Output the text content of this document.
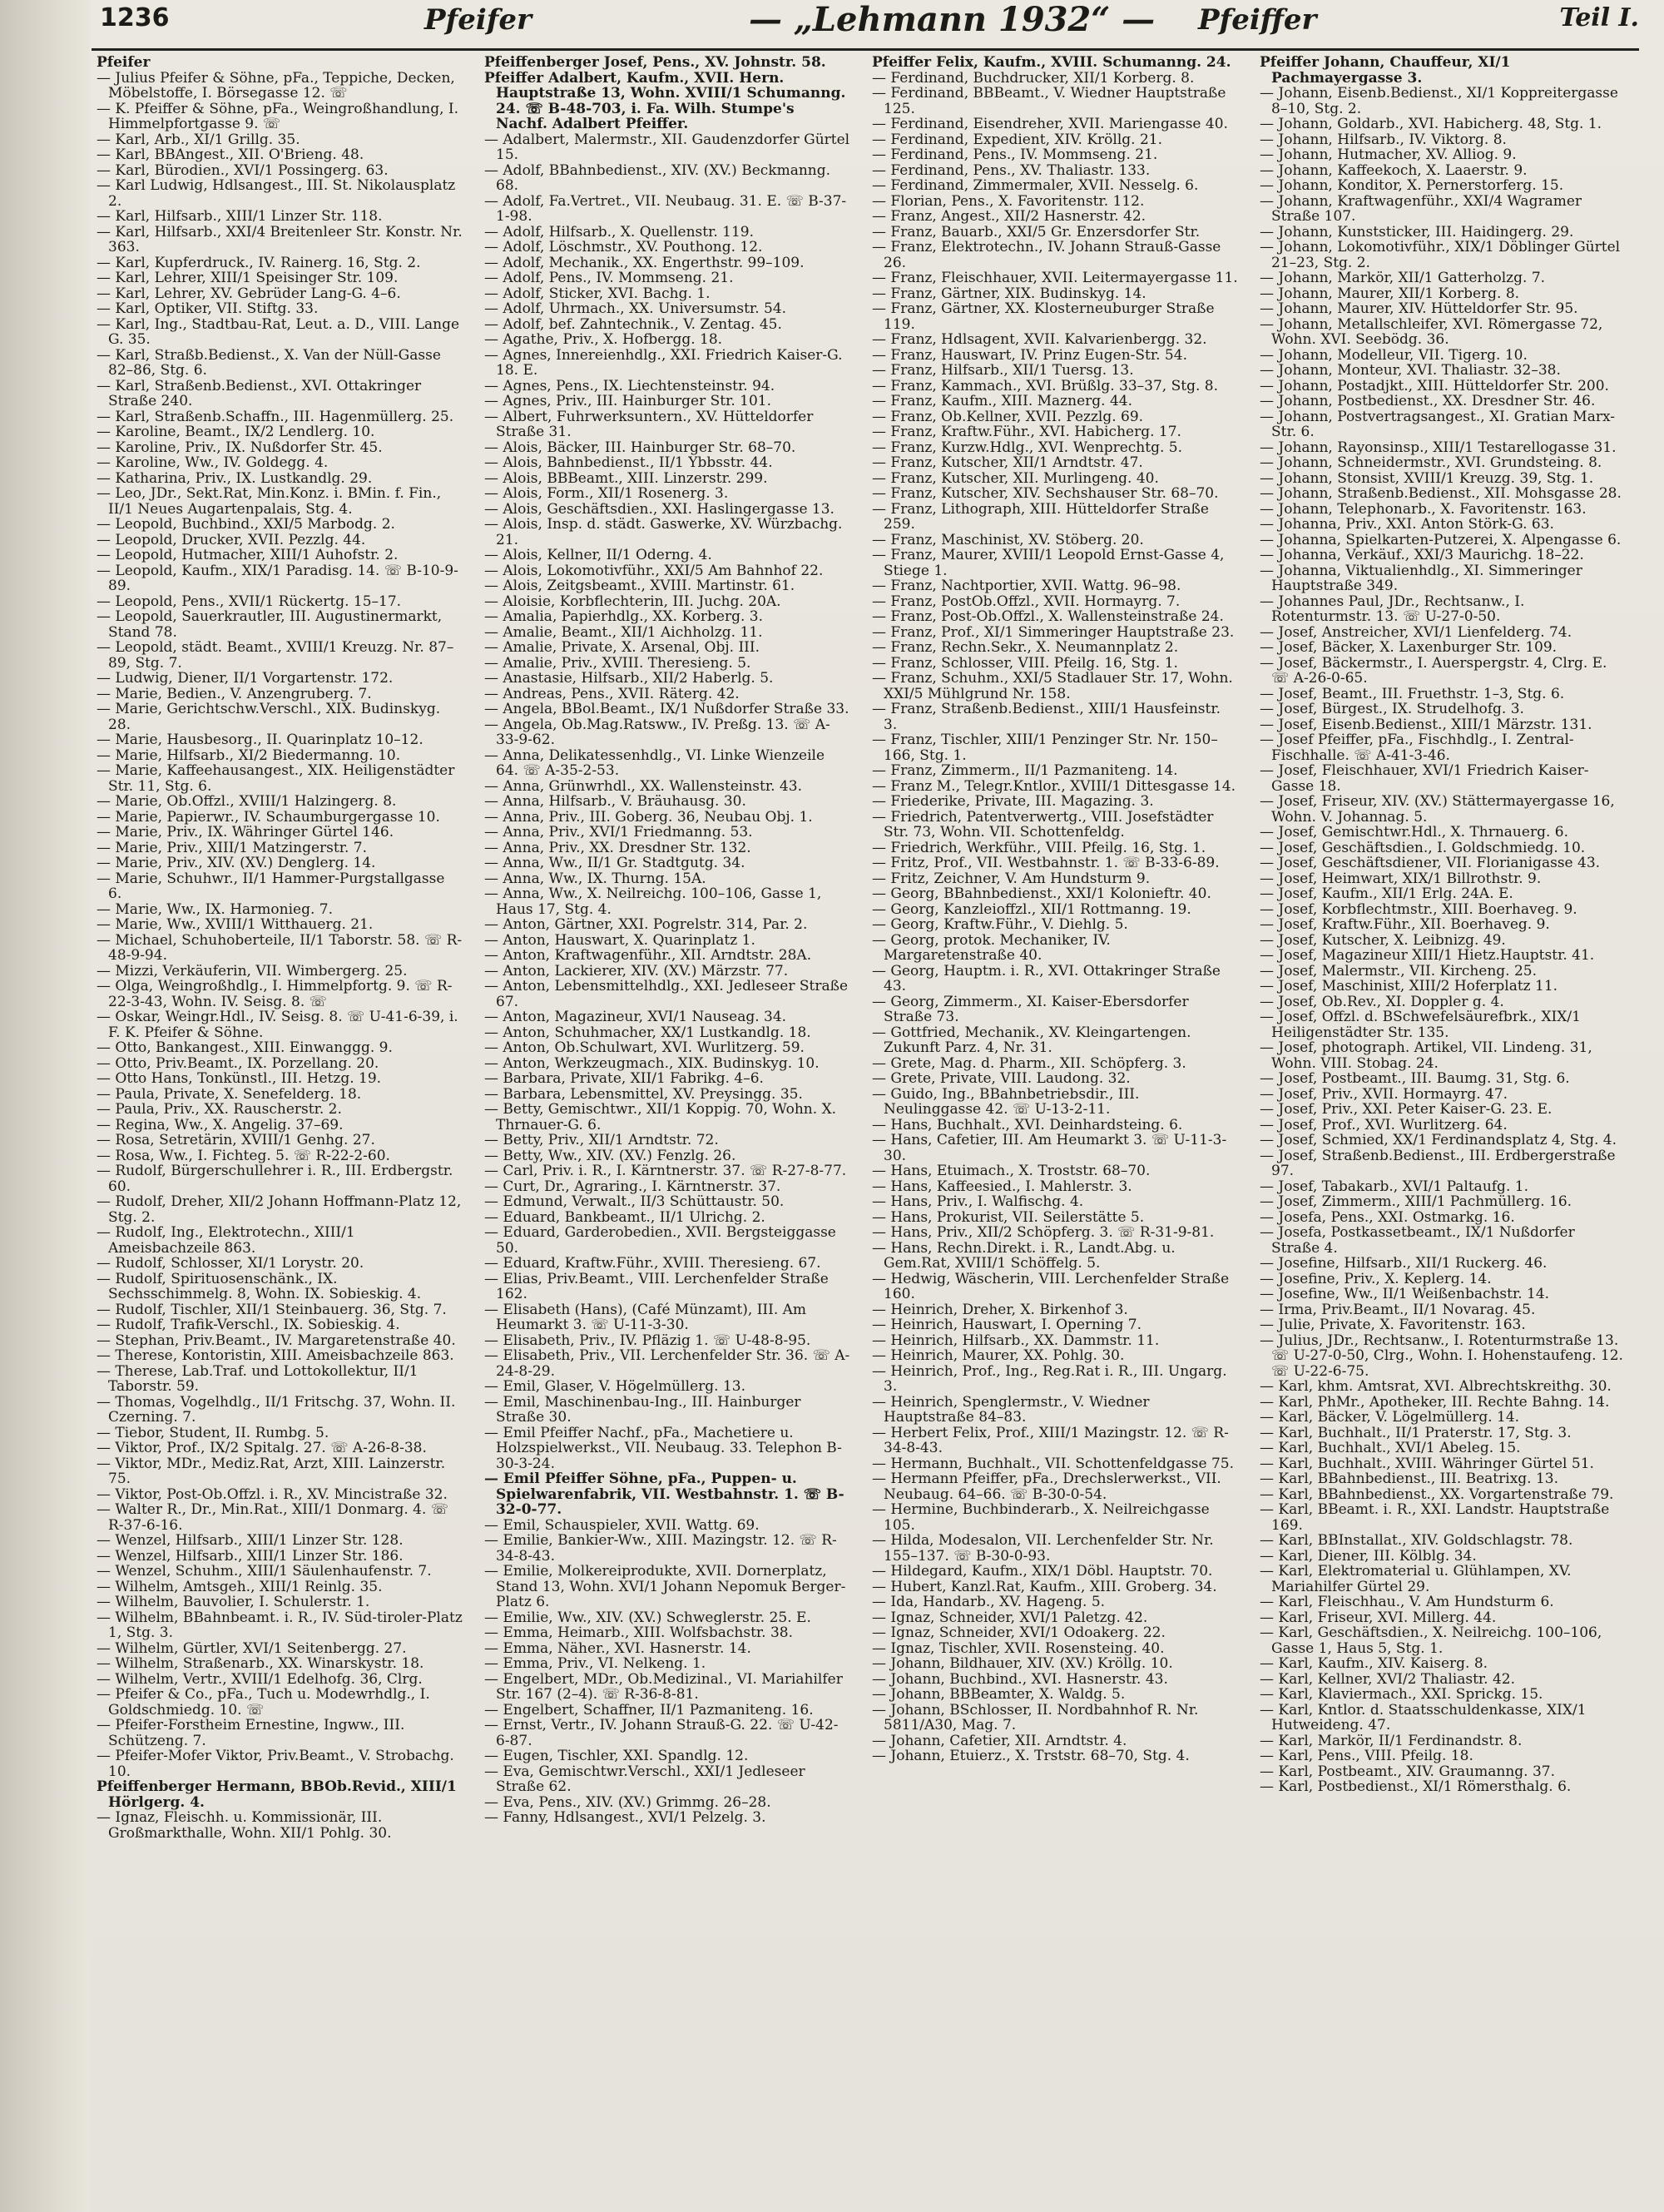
1236	Pfeifer	— „Lehmann 1932“ — Pfeiffer	Teil I.

Pfeifer

— Julius Pfeifer & Söhne, pFa., Teppiche, Decken, Möbelstoffe, I. Börsegasse 12. ☏

— K. Pfeiffer & Söhne, pFa., Weingroßhandlung, I. Himmelpfortgasse 9. ☏

— Karl, Arb., XI/1 Grillg. 35.

— Karl, BBAngest., XII. O'Brieng. 48.

— Karl, Bürodien., XVI/1 Possingerg. 63.

— Karl Ludwig, Hdlsangest., III. St. Nikolausplatz 2.

— Karl, Hilfsarb., XIII/1 Linzer Str. 118.

— Karl, Hilfsarb., XXI/4 Breitenleer Str. Konstr. Nr. 363.

— Karl, Kupferdruck., IV. Rainerg. 16, Stg. 2.

— Karl, Lehrer, XIII/1 Speisinger Str. 109.

— Karl, Lehrer, XV. Gebrüder Lang-G. 4–6.

— Karl, Optiker, VII. Stiftg. 33.

— Karl, Ing., Stadtbau-Rat, Leut. a. D., VIII. Lange G. 35.

— Karl, Straßb.Bedienst., X. Van der Nüll-Gasse 82–86, Stg. 6.

— Karl, Straßenb.Bedienst., XVI. Ottakringer Straße 240.

— Karl, Straßenb.Schaffn., III. Hagenmüllerg. 25.

— Karoline, Beamt., IX/2 Lendlerg. 10.

— Karoline, Priv., IX. Nußdorfer Str. 45.

— Karoline, Ww., IV. Goldegg. 4.

— Katharina, Priv., IX. Lustkandlg. 29.

— Leo, JDr., Sekt.Rat, Min.Konz. i. BMin. f. Fin., II/1 Neues Augartenpalais, Stg. 4.

— Leopold, Buchbind., XXI/5 Marbodg. 2.

— Leopold, Drucker, XVII. Pezzlg. 44.

— Leopold, Hutmacher, XIII/1 Auhofstr. 2.

— Leopold, Kaufm., XIX/1 Paradisg. 14. ☏ B-10-9-89.

— Leopold, Pens., XVII/1 Rückertg. 15–17.

— Leopold, Sauerkrautler, III. Augustinermarkt, Stand 78.

— Leopold, städt. Beamt., XVIII/1 Kreuzg. Nr. 87–89, Stg. 7.

— Ludwig, Diener, II/1 Vorgartenstr. 172.

— Marie, Bedien., V. Anzengruberg. 7.

— Marie, Gerichtschw.Verschl., XIX. Budinskyg. 28.

— Marie, Hausbesorg., II. Quarinplatz 10–12.

— Marie, Hilfsarb., XI/2 Biedermanng. 10.

— Marie, Kaffeehausangest., XIX. Heiligenstädter Str. 11, Stg. 6.

— Marie, Ob.Offzl., XVIII/1 Halzingerg. 8.

— Marie, Papierwr., IV. Schaumburgergasse 10.

— Marie, Priv., IX. Währinger Gürtel 146.

— Marie, Priv., XIII/1 Matzingerstr. 7.

— Marie, Priv., XIV. (XV.) Denglerg. 14.

— Marie, Schuhwr., II/1 Hammer-Purgstallgasse 6.

— Marie, Ww., IX. Harmonieg. 7.

— Marie, Ww., XVIII/1 Witthauerg. 21.

— Michael, Schuhoberteile, II/1 Taborstr. 58. ☏ R-48-9-94.

— Mizzi, Verkäuferin, VII. Wimbergerg. 25.

— Olga, Weingroßhdlg., I. Himmelpfortg. 9. ☏ R-22-3-43, Wohn. IV. Seisg. 8. ☏

— Oskar, Weingr.Hdl., IV. Seisg. 8. ☏ U-41-6-39, i. F. K. Pfeifer & Söhne.

— Otto, Bankangest., XIII. Einwanggg. 9.

— Otto, Priv.Beamt., IX. Porzellang. 20.

— Otto Hans, Tonkünstl., III. Hetzg. 19.

— Paula, Private, X. Senefelderg. 18.

— Paula, Priv., XX. Rauscherstr. 2.

— Regina, Ww., X. Angelig. 37–69.

— Rosa, Setretärin, XVIII/1 Genhg. 27.

— Rosa, Ww., I. Fichteg. 5. ☏ R-22-2-60.

— Rudolf, Bürgerschullehrer i. R., III. Erdbergstr. 60.

— Rudolf, Dreher, XII/2 Johann Hoffmann-Platz 12, Stg. 2.

— Rudolf, Ing., Elektrotechn., XIII/1 Ameisbachzeile 863.

— Rudolf, Schlosser, XI/1 Lorystr. 20.

— Rudolf, Spirituosenschänk., IX. Sechsschimmelg. 8, Wohn. IX. Sobieskig. 4.

— Rudolf, Tischler, XII/1 Steinbauerg. 36, Stg. 7.

— Rudolf, Trafik-Verschl., IX. Sobieskig. 4.

— Stephan, Priv.Beamt., IV. Margaretenstraße 40.

— Therese, Kontoristin, XIII. Ameisbachzeile 863.

— Therese, Lab.Traf. und Lottokollektur, II/1 Taborstr. 59.

— Thomas, Vogelhdlg., II/1 Fritschg. 37, Wohn. II. Czerning. 7.

— Tiebor, Student, II. Rumbg. 5.

— Viktor, Prof., IX/2 Spitalg. 27. ☏ A-26-8-38.

— Viktor, MDr., Mediz.Rat, Arzt, XIII. Lainzerstr. 75.

— Viktor, Post-Ob.Offzl. i. R., XV. Mincistraße 32.

— Walter R., Dr., Min.Rat., XIII/1 Donmarg. 4. ☏ R-37-6-16.

— Wenzel, Hilfsarb., XIII/1 Linzer Str. 128.

— Wenzel, Hilfsarb., XIII/1 Linzer Str. 186.

— Wenzel, Schuhm., XIII/1 Säulenhaufenstr. 7.

— Wilhelm, Amtsgeh., XIII/1 Reinlg. 35.

— Wilhelm, Bauvolier, I. Schulerstr. 1.

— Wilhelm, BBahnbeamt. i. R., IV. Süd-tiroler-Platz 1, Stg. 3.

— Wilhelm, Gürtler, XVI/1 Seitenbergg. 27.

— Wilhelm, Straßenarb., XX. Winarskystr. 18.

— Wilhelm, Vertr., XVIII/1 Edelhofg. 36, Clrg.

— Pfeifer & Co., pFa., Tuch u. Modewrhdlg., I. Goldschmiedg. 10. ☏

— Pfeifer-Forstheim Ernestine, Ingww., III. Schützeng. 7.

— Pfeifer-Mofer Viktor, Priv.Beamt., V. Strobachg. 10.

Pfeiffenberger Hermann, BBOb.Revid., XIII/1 Hörlgerg. 4.

— Ignaz, Fleischh. u. Kommissionär, III. Großmarkthalle, Wohn. XII/1 Pohlg. 30.

Pfeiffenberger Josef, Pens., XV. Johnstr. 58.

Pfeiffer Adalbert, Kaufm., XVII. Hern. Hauptstraße 13, Wohn. XVIII/1 Schumanng. 24. ☏ B-48-703, i. Fa. Wilh. Stumpe's Nachf. Adalbert Pfeiffer.

— Adalbert, Malermstr., XII. Gaudenzdorfer Gürtel 15.

— Adolf, BBahnbedienst., XIV. (XV.) Beckmanng. 68.

— Adolf, Fa.Vertret., VII. Neubaug. 31. E. ☏ B-37-1-98.

— Adolf, Hilfsarb., X. Quellenstr. 119.

— Adolf, Löschmstr., XV. Pouthong. 12.

— Adolf, Mechanik., XX. Engerthstr. 99–109.

— Adolf, Pens., IV. Mommseng. 21.

— Adolf, Sticker, XVI. Bachg. 1.

— Adolf, Uhrmach., XX. Universumstr. 54.

— Adolf, bef. Zahntechnik., V. Zentag. 45.

— Agathe, Priv., X. Hofbergg. 18.

— Agnes, Innereienhdlg., XXI. Friedrich Kaiser-G. 18. E.

— Agnes, Pens., IX. Liechtensteinstr. 94.

— Agnes, Priv., III. Hainburger Str. 101.

— Albert, Fuhrwerksuntern., XV. Hütteldorfer Straße 31.

— Alois, Bäcker, III. Hainburger Str. 68–70.

— Alois, Bahnbedienst., II/1 Ybbsstr. 44.

— Alois, BBBeamt., XIII. Linzerstr. 299.

— Alois, Form., XII/1 Rosenerg. 3.

— Alois, Geschäftsdien., XXI. Haslingergasse 13.

— Alois, Insp. d. städt. Gaswerke, XV. Würzbachg. 21.

— Alois, Kellner, II/1 Oderng. 4.

— Alois, Lokomotivführ., XXI/5 Am Bahnhof 22.

— Alois, Zeitgsbeamt., XVIII. Martinstr. 61.

— Aloisie, Korbflechterin, III. Juchg. 20A.

— Amalia, Papierhdlg., XX. Korberg. 3.

— Amalie, Beamt., XII/1 Aichholzg. 11.

— Amalie, Private, X. Arsenal, Obj. III.

— Amalie, Priv., XVIII. Theresieng. 5.

— Anastasie, Hilfsarb., XII/2 Haberlg. 5.

— Andreas, Pens., XVII. Räterg. 42.

— Angela, BBol.Beamt., IX/1 Nußdorfer Straße 33.

— Angela, Ob.Mag.Ratsww., IV. Preßg. 13. ☏ A-33-9-62.

— Anna, Delikatessenhdlg., VI. Linke Wienzeile 64. ☏ A-35-2-53.

— Anna, Grünwrhdl., XX. Wallensteinstr. 43.

— Anna, Hilfsarb., V. Bräuhausg. 30.

— Anna, Priv., III. Goberg. 36, Neubau Obj. 1.

— Anna, Priv., XVI/1 Friedmanng. 53.

— Anna, Priv., XX. Dresdner Str. 132.

— Anna, Ww., II/1 Gr. Stadtgutg. 34.

— Anna, Ww., IX. Thurng. 15A.

— Anna, Ww., X. Neilreichg. 100–106, Gasse 1, Haus 17, Stg. 4.

— Anton, Gärtner, XXI. Pogrelstr. 314, Par. 2.

— Anton, Hauswart, X. Quarinplatz 1.

— Anton, Kraftwagenführ., XII. Arndtstr. 28A.

— Anton, Lackierer, XIV. (XV.) Märzstr. 77.

— Anton, Lebensmittelhdlg., XXI. Jedleseer Straße 67.

— Anton, Magazineur, XVI/1 Nauseag. 34.

— Anton, Schuhmacher, XX/1 Lustkandlg. 18.

— Anton, Ob.Schulwart, XVI. Wurlitzerg. 59.

— Anton, Werkzeugmach., XIX. Budinskyg. 10.

— Barbara, Private, XII/1 Fabrikg. 4–6.

— Barbara, Lebensmittel, XV. Preysingg. 35.

— Betty, Gemischtwr., XII/1 Koppig. 70, Wohn. X. Thrnauer-G. 6.

— Betty, Priv., XII/1 Arndtstr. 72.

— Betty, Ww., XIV. (XV.) Fenzlg. 26.

— Carl, Priv. i. R., I. Kärntnerstr. 37. ☏ R-27-8-77.

— Curt, Dr., Agraring., I. Kärntnerstr. 37.

— Edmund, Verwalt., II/3 Schüttaustr. 50.

— Eduard, Bankbeamt., II/1 Ulrichg. 2.

— Eduard, Garderobedien., XVII. Bergsteiggasse 50.

— Eduard, Kraftw.Führ., XVIII. Theresieng. 67.

— Elias, Priv.Beamt., VIII. Lerchenfelder Straße 162.

— Elisabeth (Hans), (Café Münzamt), III. Am Heumarkt 3. ☏ U-11-3-30.

— Elisabeth, Priv., IV. Pfläzig 1. ☏ U-48-8-95.

— Elisabeth, Priv., VII. Lerchenfelder Str. 36. ☏ A-24-8-29.

— Emil, Glaser, V. Högelmüllerg. 13.

— Emil, Maschinenbau-Ing., III. Hainburger Straße 30.

— Emil Pfeiffer Nachf., pFa., Machetiere u. Holzspielwerkst., VII. Neubaug. 33. Telephon B-30-3-24.

— Emil Pfeiffer Söhne, pFa., Puppen- u. Spielwarenfabrik, VII. Westbahnstr. 1. ☏ B-32-0-77.

— Emil, Schauspieler, XVII. Wattg. 69.

— Emilie, Bankier-Ww., XIII. Mazingstr. 12. ☏ R-34-8-43.

— Emilie, Molkereiprodukte, XVII. Dornerplatz, Stand 13, Wohn. XVI/1 Johann Nepomuk Berger-Platz 6.

— Emilie, Ww., XIV. (XV.) Schweglerstr. 25. E.

— Emma, Heimarb., XIII. Wolfsbachstr. 38.

— Emma, Näher., XVI. Hasnerstr. 14.

— Emma, Priv., VI. Nelkeng. 1.

— Engelbert, MDr., Ob.Medizinal., VI. Mariahilfer Str. 167 (2–4). ☏ R-36-8-81.

— Engelbert, Schaffner, II/1 Pazmaniteng. 16.

— Ernst, Vertr., IV. Johann Strauß-G. 22. ☏ U-42-6-87.

— Eugen, Tischler, XXI. Spandlg. 12.

— Eva, Gemischtwr.Verschl., XXI/1 Jedleseer Straße 62.

— Eva, Pens., XIV. (XV.) Grimmg. 26–28.

— Fanny, Hdlsangest., XVI/1 Pelzelg. 3.

Pfeiffer Felix, Kaufm., XVIII. Schumanng. 24.

— Ferdinand, Buchdrucker, XII/1 Korberg. 8.

— Ferdinand, BBBeamt., V. Wiedner Hauptstraße 125.

— Ferdinand, Eisendreher, XVII. Mariengasse 40.

— Ferdinand, Expedient, XIV. Kröllg. 21.

— Ferdinand, Pens., IV. Mommseng. 21.

— Ferdinand, Pens., XV. Thaliastr. 133.

— Ferdinand, Zimmermaler, XVII. Nesselg. 6.

— Florian, Pens., X. Favoritenstr. 112.

— Franz, Angest., XII/2 Hasnerstr. 42.

— Franz, Bauarb., XXI/5 Gr. Enzersdorfer Str.

— Franz, Elektrotechn., IV. Johann Strauß-Gasse 26.

— Franz, Fleischhauer, XVII. Leitermayergasse 11.

— Franz, Gärtner, XIX. Budinskyg. 14.

— Franz, Gärtner, XX. Klosterneuburger Straße 119.

— Franz, Hdlsagent, XVII. Kalvarienbergg. 32.

— Franz, Hauswart, IV. Prinz Eugen-Str. 54.

— Franz, Hilfsarb., XII/1 Tuersg. 13.

— Franz, Kammach., XVI. Brüßlg. 33–37, Stg. 8.

— Franz, Kaufm., XIII. Maznerg. 44.

— Franz, Ob.Kellner, XVII. Pezzlg. 69.

— Franz, Kraftw.Führ., XVI. Habicherg. 17.

— Franz, Kurzw.Hdlg., XVI. Wenprechtg. 5.

— Franz, Kutscher, XII/1 Arndtstr. 47.

— Franz, Kutscher, XII. Murlingeng. 40.

— Franz, Kutscher, XIV. Sechshauser Str. 68–70.

— Franz, Lithograph, XIII. Hütteldorfer Straße 259.

— Franz, Maschinist, XV. Stöberg. 20.

— Franz, Maurer, XVIII/1 Leopold Ernst-Gasse 4, Stiege 1.

— Franz, Nachtportier, XVII. Wattg. 96–98.

— Franz, PostOb.Offzl., XVII. Hormayrg. 7.

— Franz, Post-Ob.Offzl., X. Wallensteinstraße 24.

— Franz, Prof., XI/1 Simmeringer Hauptstraße 23.

— Franz, Rechn.Sekr., X. Neumannplatz 2.

— Franz, Schlosser, VIII. Pfeilg. 16, Stg. 1.

— Franz, Schuhm., XXI/5 Stadlauer Str. 17, Wohn. XXI/5 Mühlgrund Nr. 158.

— Franz, Straßenb.Bedienst., XIII/1 Hausfeinstr. 3.

— Franz, Tischler, XIII/1 Penzinger Str. Nr. 150–166, Stg. 1.

— Franz, Zimmerm., II/1 Pazmaniteng. 14.

— Franz M., Telegr.Kntlor., XVIII/1 Dittesgasse 14.

— Friederike, Private, III. Magazing. 3.

— Friedrich, Patentverwertg., VIII. Josefstädter Str. 73, Wohn. VII. Schottenfeldg.

— Friedrich, Werkführ., VIII. Pfeilg. 16, Stg. 1.

— Fritz, Prof., VII. Westbahnstr. 1. ☏ B-33-6-89.

— Fritz, Zeichner, V. Am Hundsturm 9.

— Georg, BBahnbedienst., XXI/1 Kolonieftr. 40.

— Georg, Kanzleioffzl., XII/1 Rottmanng. 19.

— Georg, Kraftw.Führ., V. Diehlg. 5.

— Georg, protok. Mechaniker, IV. Margaretenstraße 40.

— Georg, Hauptm. i. R., XVI. Ottakringer Straße 43.

— Georg, Zimmerm., XI. Kaiser-Ebersdorfer Straße 73.

— Gottfried, Mechanik., XV. Kleingartengen. Zukunft Parz. 4, Nr. 31.

— Grete, Mag. d. Pharm., XII. Schöpferg. 3.

— Grete, Private, VIII. Laudong. 32.

— Guido, Ing., BBahnbetriebsdir., III. Neulinggasse 42. ☏ U-13-2-11.

— Hans, Buchhalt., XVI. Deinhardsteing. 6.

— Hans, Cafetier, III. Am Heumarkt 3. ☏ U-11-3-30.

— Hans, Etuimach., X. Troststr. 68–70.

— Hans, Kaffeesied., I. Mahlerstr. 3.

— Hans, Priv., I. Walfischg. 4.

— Hans, Prokurist, VII. Seilerstätte 5.

— Hans, Priv., XII/2 Schöpferg. 3. ☏ R-31-9-81.

— Hans, Rechn.Direkt. i. R., Landt.Abg. u. Gem.Rat, XVIII/1 Schöffelg. 5.

— Hedwig, Wäscherin, VIII. Lerchenfelder Straße 160.

— Heinrich, Dreher, X. Birkenhof 3.

— Heinrich, Hauswart, I. Operning 7.

— Heinrich, Hilfsarb., XX. Dammstr. 11.

— Heinrich, Maurer, XX. Pohlg. 30.

— Heinrich, Prof., Ing., Reg.Rat i. R., III. Ungarg. 3.

— Heinrich, Spenglermstr., V. Wiedner Hauptstraße 84–83.

— Herbert Felix, Prof., XIII/1 Mazingstr. 12. ☏ R-34-8-43.

— Hermann, Buchhalt., VII. Schottenfeldgasse 75.

— Hermann Pfeiffer, pFa., Drechslerwerkst., VII. Neubaug. 64–66. ☏ B-30-0-54.

— Hermine, Buchbinderarb., X. Neilreichgasse 105.

— Hilda, Modesalon, VII. Lerchenfelder Str. Nr. 155–137. ☏ B-30-0-93.

— Hildegard, Kaufm., XIX/1 Döbl. Hauptstr. 70.

— Hubert, Kanzl.Rat, Kaufm., XIII. Groberg. 34.

— Ida, Handarb., XV. Hageng. 5.

— Ignaz, Schneider, XVI/1 Paletzg. 42.

— Ignaz, Schneider, XVI/1 Odoakerg. 22.

— Ignaz, Tischler, XVII. Rosensteing. 40.

— Johann, Bildhauer, XIV. (XV.) Kröllg. 10.

— Johann, Buchbind., XVI. Hasnerstr. 43.

— Johann, BBBeamter, X. Waldg. 5.

— Johann, BSchlosser, II. Nordbahnhof R. Nr. 5811/A30, Mag. 7.

— Johann, Cafetier, XII. Arndtstr. 4.

— Johann, Etuierz., X. Trststr. 68–70, Stg. 4.

Pfeiffer Johann, Chauffeur, XI/1 Pachmayergasse 3.

— Johann, Eisenb.Bedienst., XI/1 Koppreitergasse 8–10, Stg. 2.

— Johann, Goldarb., XVI. Habicherg. 48, Stg. 1.

— Johann, Hilfsarb., IV. Viktorg. 8.

— Johann, Hutmacher, XV. Alliog. 9.

— Johann, Kaffeekoch, X. Laaerstr. 9.

— Johann, Konditor, X. Pernerstorferg. 15.

— Johann, Kraftwagenführ., XXI/4 Wagramer Straße 107.

— Johann, Kunststicker, III. Haidingerg. 29.

— Johann, Lokomotivführ., XIX/1 Döblinger Gürtel 21–23, Stg. 2.

— Johann, Markör, XII/1 Gatterholzg. 7.

— Johann, Maurer, XII/1 Korberg. 8.

— Johann, Maurer, XIV. Hütteldorfer Str. 95.

— Johann, Metallschleifer, XVI. Römergasse 72, Wohn. XVI. Seebödg. 36.

— Johann, Modelleur, VII. Tigerg. 10.

— Johann, Monteur, XVI. Thaliastr. 32–38.

— Johann, Postadjkt., XIII. Hütteldorfer Str. 200.

— Johann, Postbedienst., XX. Dresdner Str. 46.

— Johann, Postvertragsangest., XI. Gratian Marx-Str. 6.

— Johann, Rayonsinsp., XIII/1 Testarellogasse 31.

— Johann, Schneidermstr., XVI. Grundsteing. 8.

— Johann, Stonsist, XVIII/1 Kreuzg. 39, Stg. 1.

— Johann, Straßenb.Bedienst., XII. Mohsgasse 28.

— Johann, Telephonarb., X. Favoritenstr. 163.

— Johanna, Priv., XXI. Anton Störk-G. 63.

— Johanna, Spielkarten-Putzerei, X. Alpengasse 6.

— Johanna, Verkäuf., XXI/3 Maurichg. 18–22.

— Johanna, Viktualienhdlg., XI. Simmeringer Hauptstraße 349.

— Johannes Paul, JDr., Rechtsanw., I. Rotenturmstr. 13. ☏ U-27-0-50.

— Josef, Anstreicher, XVI/1 Lienfelderg. 74.

— Josef, Bäcker, X. Laxenburger Str. 109.

— Josef, Bäckermstr., I. Auerspergstr. 4, Clrg. E. ☏ A-26-0-65.

— Josef, Beamt., III. Fruethstr. 1–3, Stg. 6.

— Josef, Bürgest., IX. Strudelhofg. 3.

— Josef, Eisenb.Bedienst., XIII/1 Märzstr. 131.

— Josef Pfeiffer, pFa., Fischhdlg., I. Zentral-Fischhalle. ☏ A-41-3-46.

— Josef, Fleischhauer, XVI/1 Friedrich Kaiser-Gasse 18.

— Josef, Friseur, XIV. (XV.) Stättermayergasse 16, Wohn. V. Johannag. 5.

— Josef, Gemischtwr.Hdl., X. Thrnauerg. 6.

— Josef, Geschäftsdien., I. Goldschmiedg. 10.

— Josef, Geschäftsdiener, VII. Florianigasse 43.

— Josef, Heimwart, XIX/1 Billrothstr. 9.

— Josef, Kaufm., XII/1 Erlg. 24A. E.

— Josef, Korbflechtmstr., XIII. Boerhaveg. 9.

— Josef, Kraftw.Führ., XII. Boerhaveg. 9.

— Josef, Kutscher, X. Leibnizg. 49.

— Josef, Magazineur XIII/1 Hietz.Hauptstr. 41.

— Josef, Malermstr., VII. Kircheng. 25.

— Josef, Maschinist, XIII/2 Hoferplatz 11.

— Josef, Ob.Rev., XI. Doppler g. 4.

— Josef, Offzl. d. BSchwefelsäurefbrk., XIX/1 Heiligenstädter Str. 135.

— Josef, photograph. Artikel, VII. Lindeng. 31, Wohn. VIII. Stobag. 24.

— Josef, Postbeamt., III. Baumg. 31, Stg. 6.

— Josef, Priv., XVII. Hormayrg. 47.

— Josef, Priv., XXI. Peter Kaiser-G. 23. E.

— Josef, Prof., XVI. Wurlitzerg. 64.

— Josef, Schmied, XX/1 Ferdinandsplatz 4, Stg. 4.

— Josef, Straßenb.Bedienst., III. Erdbergerstraße 97.

— Josef, Tabakarb., XVI/1 Paltaufg. 1.

— Josef, Zimmerm., XIII/1 Pachmüllerg. 16.

— Josefa, Pens., XXI. Ostmarkg. 16.

— Josefa, Postkassetbeamt., IX/1 Nußdorfer Straße 4.

— Josefine, Hilfsarb., XII/1 Ruckerg. 46.

— Josefine, Priv., X. Keplerg. 14.

— Josefine, Ww., II/1 Weißenbachstr. 14.

— Irma, Priv.Beamt., II/1 Novarag. 45.

— Julie, Private, X. Favoritenstr. 163.

— Julius, JDr., Rechtsanw., I. Rotenturmstraße 13. ☏ U-27-0-50, Clrg., Wohn. I. Hohenstaufeng. 12. ☏ U-22-6-75.

— Karl, khm. Amtsrat, XVI. Albrechtskreithg. 30.

— Karl, PhMr., Apotheker, III. Rechte Bahng. 14.

— Karl, Bäcker, V. Lögelmüllerg. 14.

— Karl, Buchhalt., II/1 Praterstr. 17, Stg. 3.

— Karl, Buchhalt., XVI/1 Abeleg. 15.

— Karl, Buchhalt., XVIII. Währinger Gürtel 51.

— Karl, BBahnbedienst., III. Beatrixg. 13.

— Karl, BBahnbedienst., XX. Vorgartenstraße 79.

— Karl, BBeamt. i. R., XXI. Landstr. Hauptstraße 169.

— Karl, BBInstallat., XIV. Goldschlagstr. 78.

— Karl, Diener, III. Kölblg. 34.

— Karl, Elektromaterial u. Glühlampen, XV. Mariahilfer Gürtel 29.

— Karl, Fleischhau., V. Am Hundsturm 6.

— Karl, Friseur, XVI. Millerg. 44.

— Karl, Geschäftsdien., X. Neilreichg. 100–106, Gasse 1, Haus 5, Stg. 1.

— Karl, Kaufm., XIV. Kaiserg. 8.

— Karl, Kellner, XVI/2 Thaliastr. 42.

— Karl, Klaviermach., XXI. Sprickg. 15.

— Karl, Kntlor. d. Staatsschuldenkasse, XIX/1 Hutweideng. 47.

— Karl, Markör, II/1 Ferdinandstr. 8.

— Karl, Pens., VIII. Pfeilg. 18.

— Karl, Postbeamt., XIV. Graumanng. 37.

— Karl, Postbedienst., XI/1 Römersthalg. 6.
